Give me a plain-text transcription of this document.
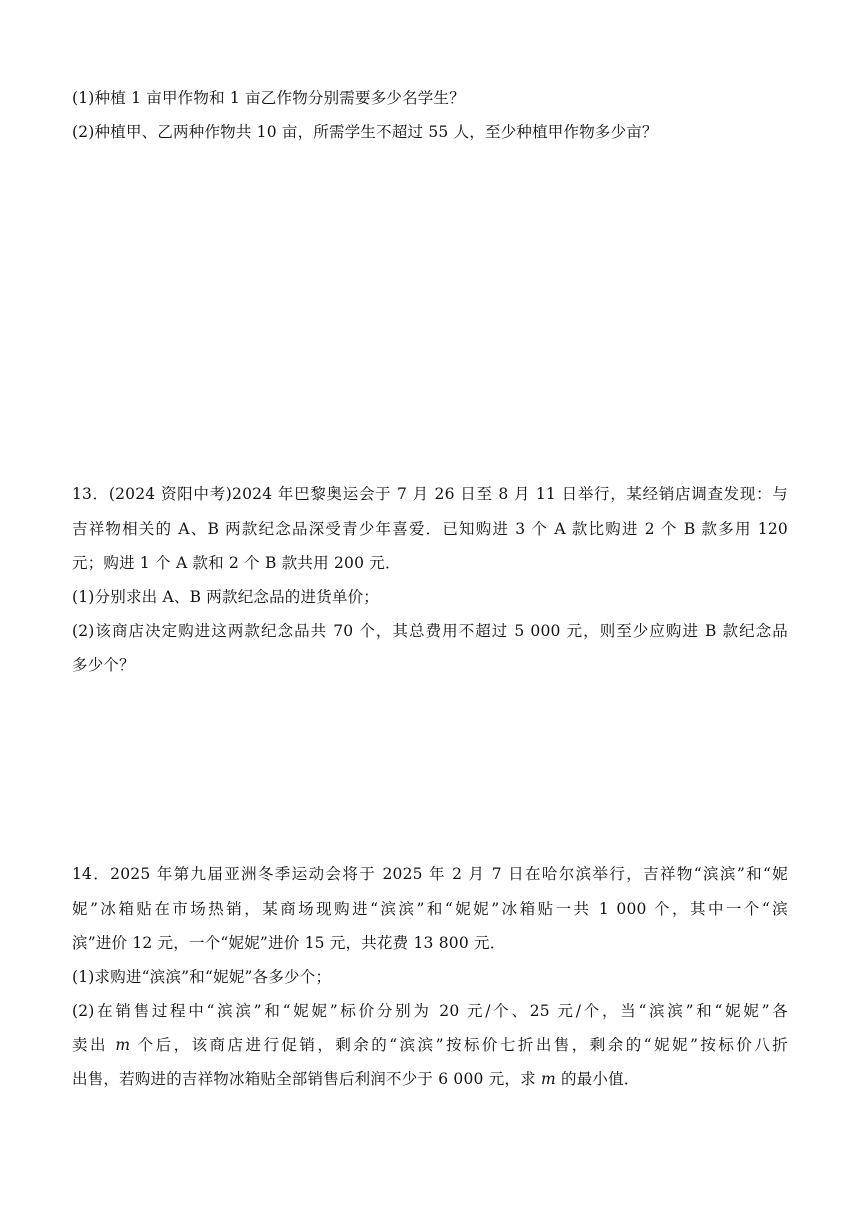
(1)种植 1 亩甲作物和 1 亩乙作物分别需要多少名学生？
(2)种植甲、乙两种作物共 10 亩，所需学生不超过 55 人，至少种植甲作物多少亩？
13．(2024 资阳中考)2024 年巴黎奥运会于 7 月 26 日至 8 月 11 日举行，某经销店调查发现：与
吉祥物相关的 A、B 两款纪念品深受青少年喜爱．已知购进 3 个 A 款比购进 2 个 B 款多用 120
元；购进 1 个 A 款和 2 个 B 款共用 200 元．
(1)分别求出 A、B 两款纪念品的进货单价；
(2)该商店决定购进这两款纪念品共 70 个，其总费用不超过 5 000 元，则至少应购进 B 款纪念品
多少个？
14．2025 年第九届亚洲冬季运动会将于 2025 年 2 月 7 日在哈尔滨举行，吉祥物“滨滨”和“妮
妮”冰箱贴在市场热销，某商场现购进“滨滨”和“妮妮”冰箱贴一共 1 000 个，其中一个“滨
滨”进价 12 元，一个“妮妮”进价 15 元，共花费 13 800 元．
(1)求购进“滨滨”和“妮妮”各多少个；
(2)在销售过程中“滨滨”和“妮妮”标价分别为 20 元/个、25 元/个，当“滨滨”和“妮妮”各
卖出 m 个后，该商店进行促销，剩余的“滨滨”按标价七折出售，剩余的“妮妮”按标价八折
出售，若购进的吉祥物冰箱贴全部销售后利润不少于 6 000 元，求 m 的最小值．
